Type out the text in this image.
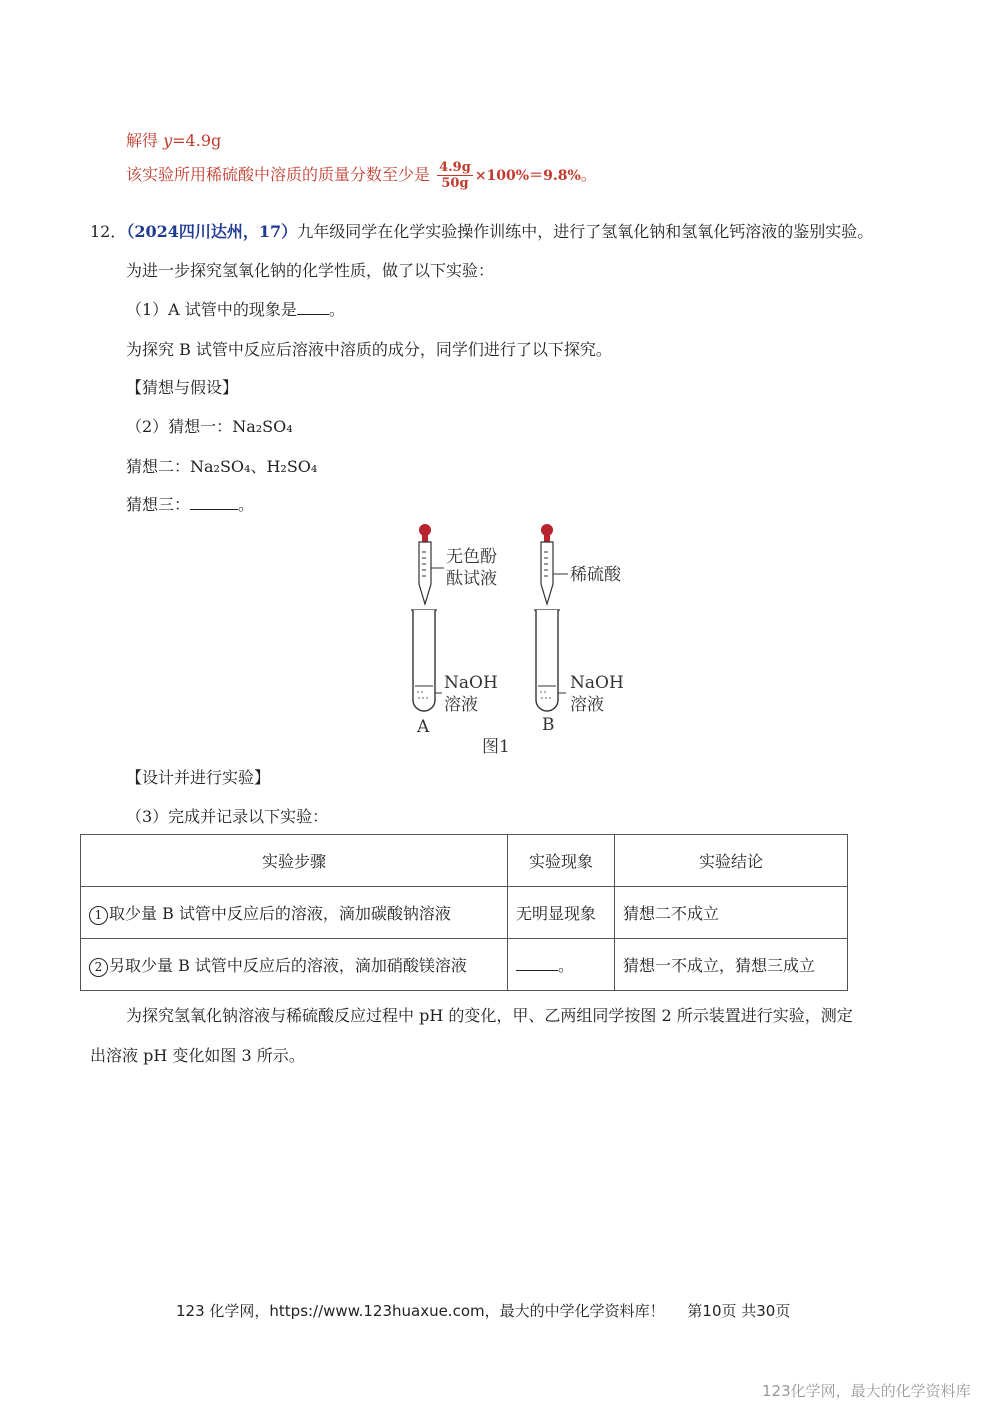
解得 y=4.9g
该实验所用稀硫酸中溶质的质量分数至少是 $\frac{4.9g}{50g} \times 100\%=9.8\%$。
12．（2024四川达州，17）九年级同学在化学实验操作训练中，进行了氢氧化钠和氢氧化钙溶液的鉴别实验。
为进一步探究氢氧化钠的化学性质，做了以下实验：
（1）A 试管中的现象是 。
为探究 B 试管中反应后溶液中溶质的成分，同学们进行了以下探究。
【猜想与假设】
（2）猜想一：Na₂SO₄
猜想二：Na₂SO₄、H₂SO₄
猜想三：	。
无色酚
酞试液	稀硫酸
NaOH
溶液
NaOH
溶液
A	B
图1
【设计并进行实验】
（3）完成并记录以下实验：
实验步骤	实验现象	实验结论
1 取少量 B 试管中反应后的溶液，滴加碳酸钠溶液	无明显现象	猜想二不成立
2 另取少量 B 试管中反应后的溶液，滴加硝酸镁溶液	。	猜想一不成立，猜想三成立
为探究氢氧化钠溶液与稀硫酸反应过程中 pH 的变化，甲、乙两组同学按图 2 所示装置进行实验，测定
出溶液 pH 变化如图 3 所示。
123 化学网，https://www.123huaxue.com，最大的中学化学资料库！ 第10页 共30页
123化学网，最大的化学资料库
